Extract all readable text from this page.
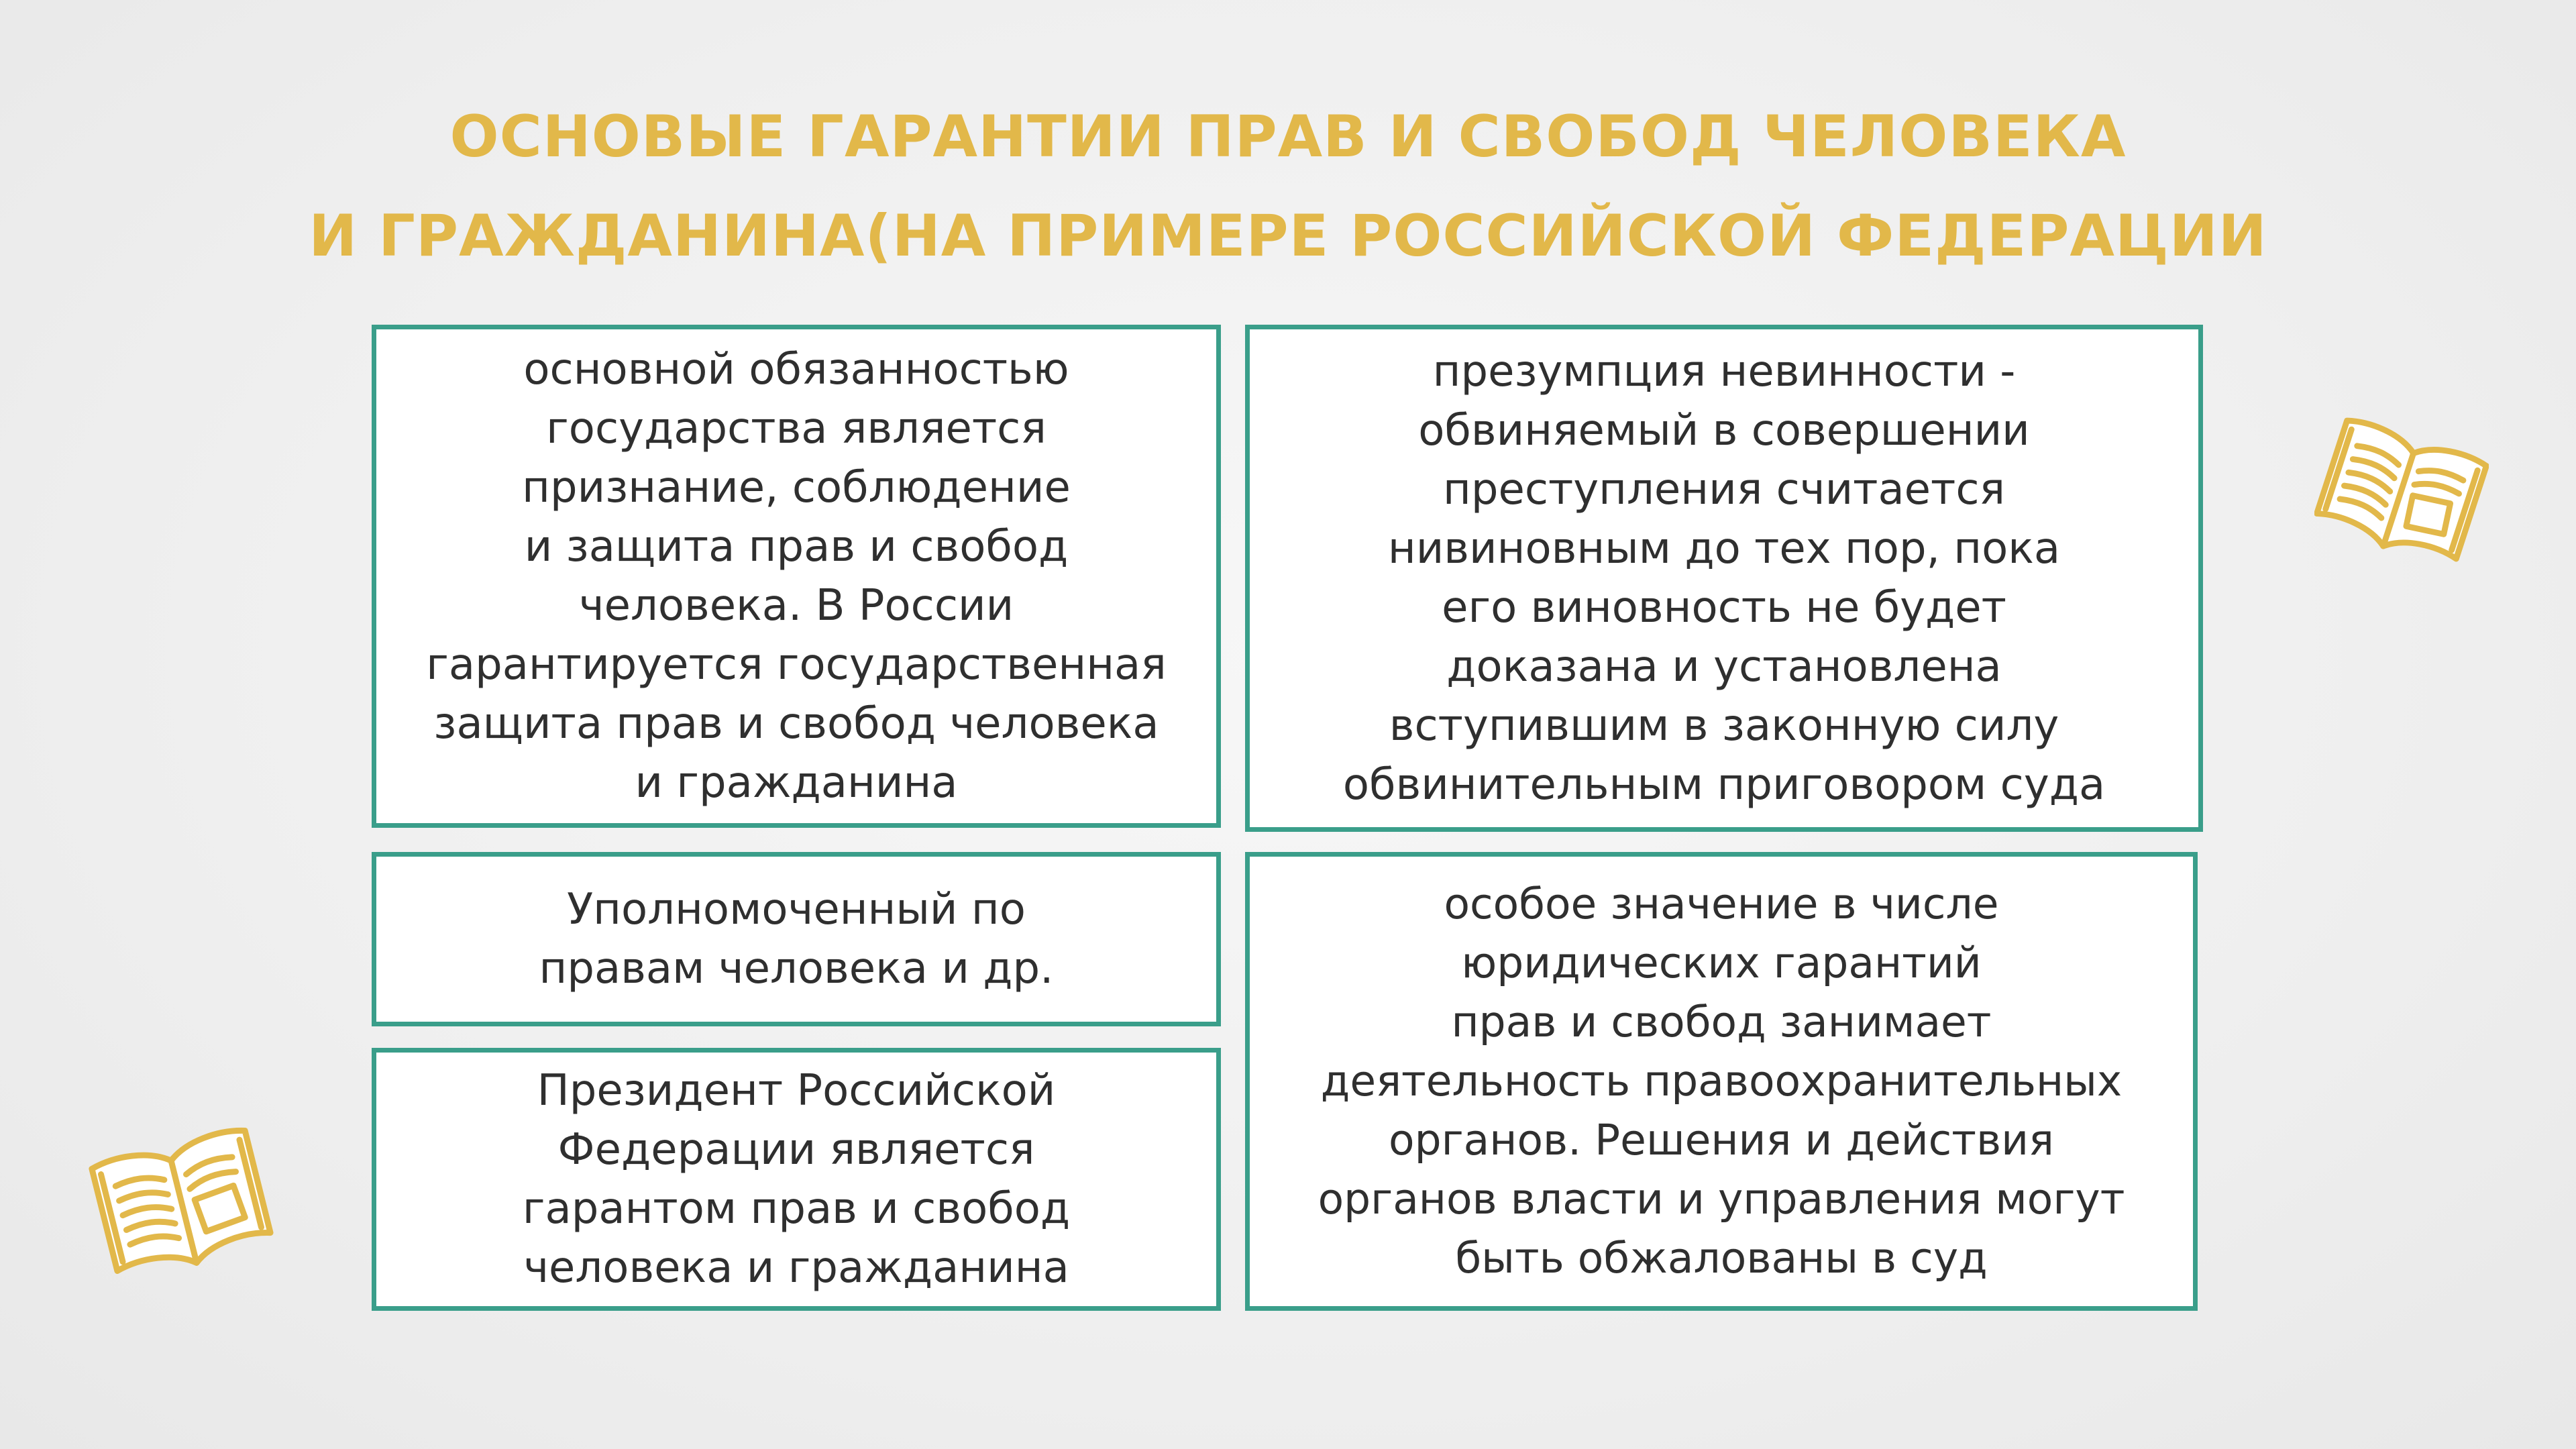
ОСНОВЫЕ ГАРАНТИИ ПРАВ И СВОБОД ЧЕЛОВЕКА
И ГРАЖДАНИНА(НА ПРИМЕРЕ РОССИЙСКОЙ ФЕДЕРАЦИИ
основной обязанностью
государства является
признание, соблюдение
и защита прав и свобод
человека. В России
гарантируется государственная
защита прав и свобод человека
и гражданина
презумпция невинности -
обвиняемый в совершении
преступления считается
нивиновным до тех пор, пока
его виновность не будет
доказана и установлена
вступившим в законную силу
обвинительным приговором суда
Уполномоченный по
правам человека и др.
особое значение в числе
юридических гарантий
прав и свобод занимает
деятельность правоохранительных
органов. Решения и действия
органов власти и управления могут
быть обжалованы в суд
Президент Российской
Федерации является
гарантом прав и свобод
человека и гражданина
